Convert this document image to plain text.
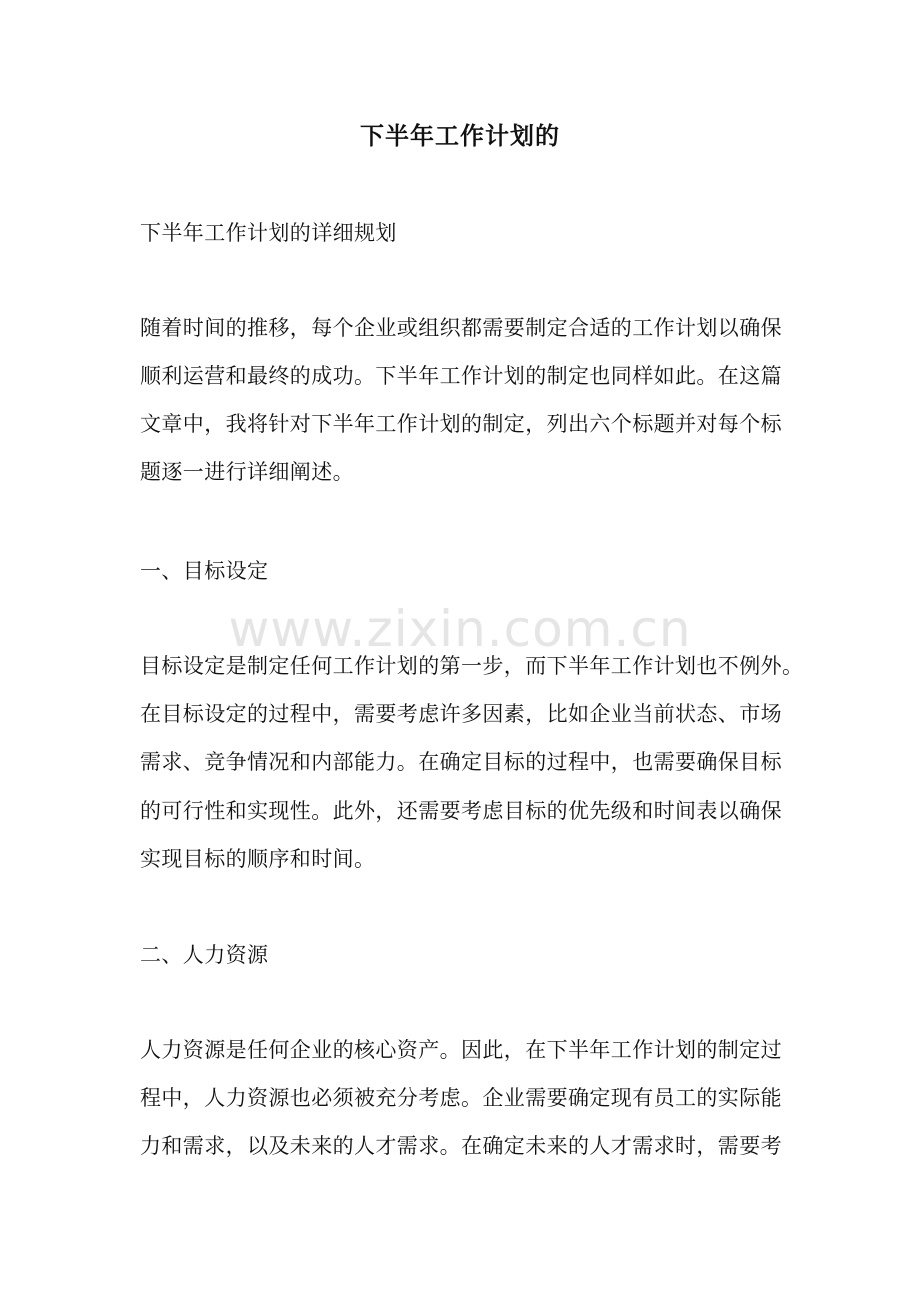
www.zixin.com.cn
下半年工作计划的
下半年工作计划的详细规划
随着时间的推移，每个企业或组织都需要制定合适的工作计划以确保
顺利运营和最终的成功。下半年工作计划的制定也同样如此。在这篇
文章中，我将针对下半年工作计划的制定，列出六个标题并对每个标
题逐一进行详细阐述。
一、目标设定
目标设定是制定任何工作计划的第一步，而下半年工作计划也不例外。
在目标设定的过程中，需要考虑许多因素，比如企业当前状态、市场
需求、竞争情况和内部能力。在确定目标的过程中，也需要确保目标
的可行性和实现性。此外，还需要考虑目标的优先级和时间表以确保
实现目标的顺序和时间。
二、人力资源
人力资源是任何企业的核心资产。因此，在下半年工作计划的制定过
程中，人力资源也必须被充分考虑。企业需要确定现有员工的实际能
力和需求，以及未来的人才需求。在确定未来的人才需求时，需要考
